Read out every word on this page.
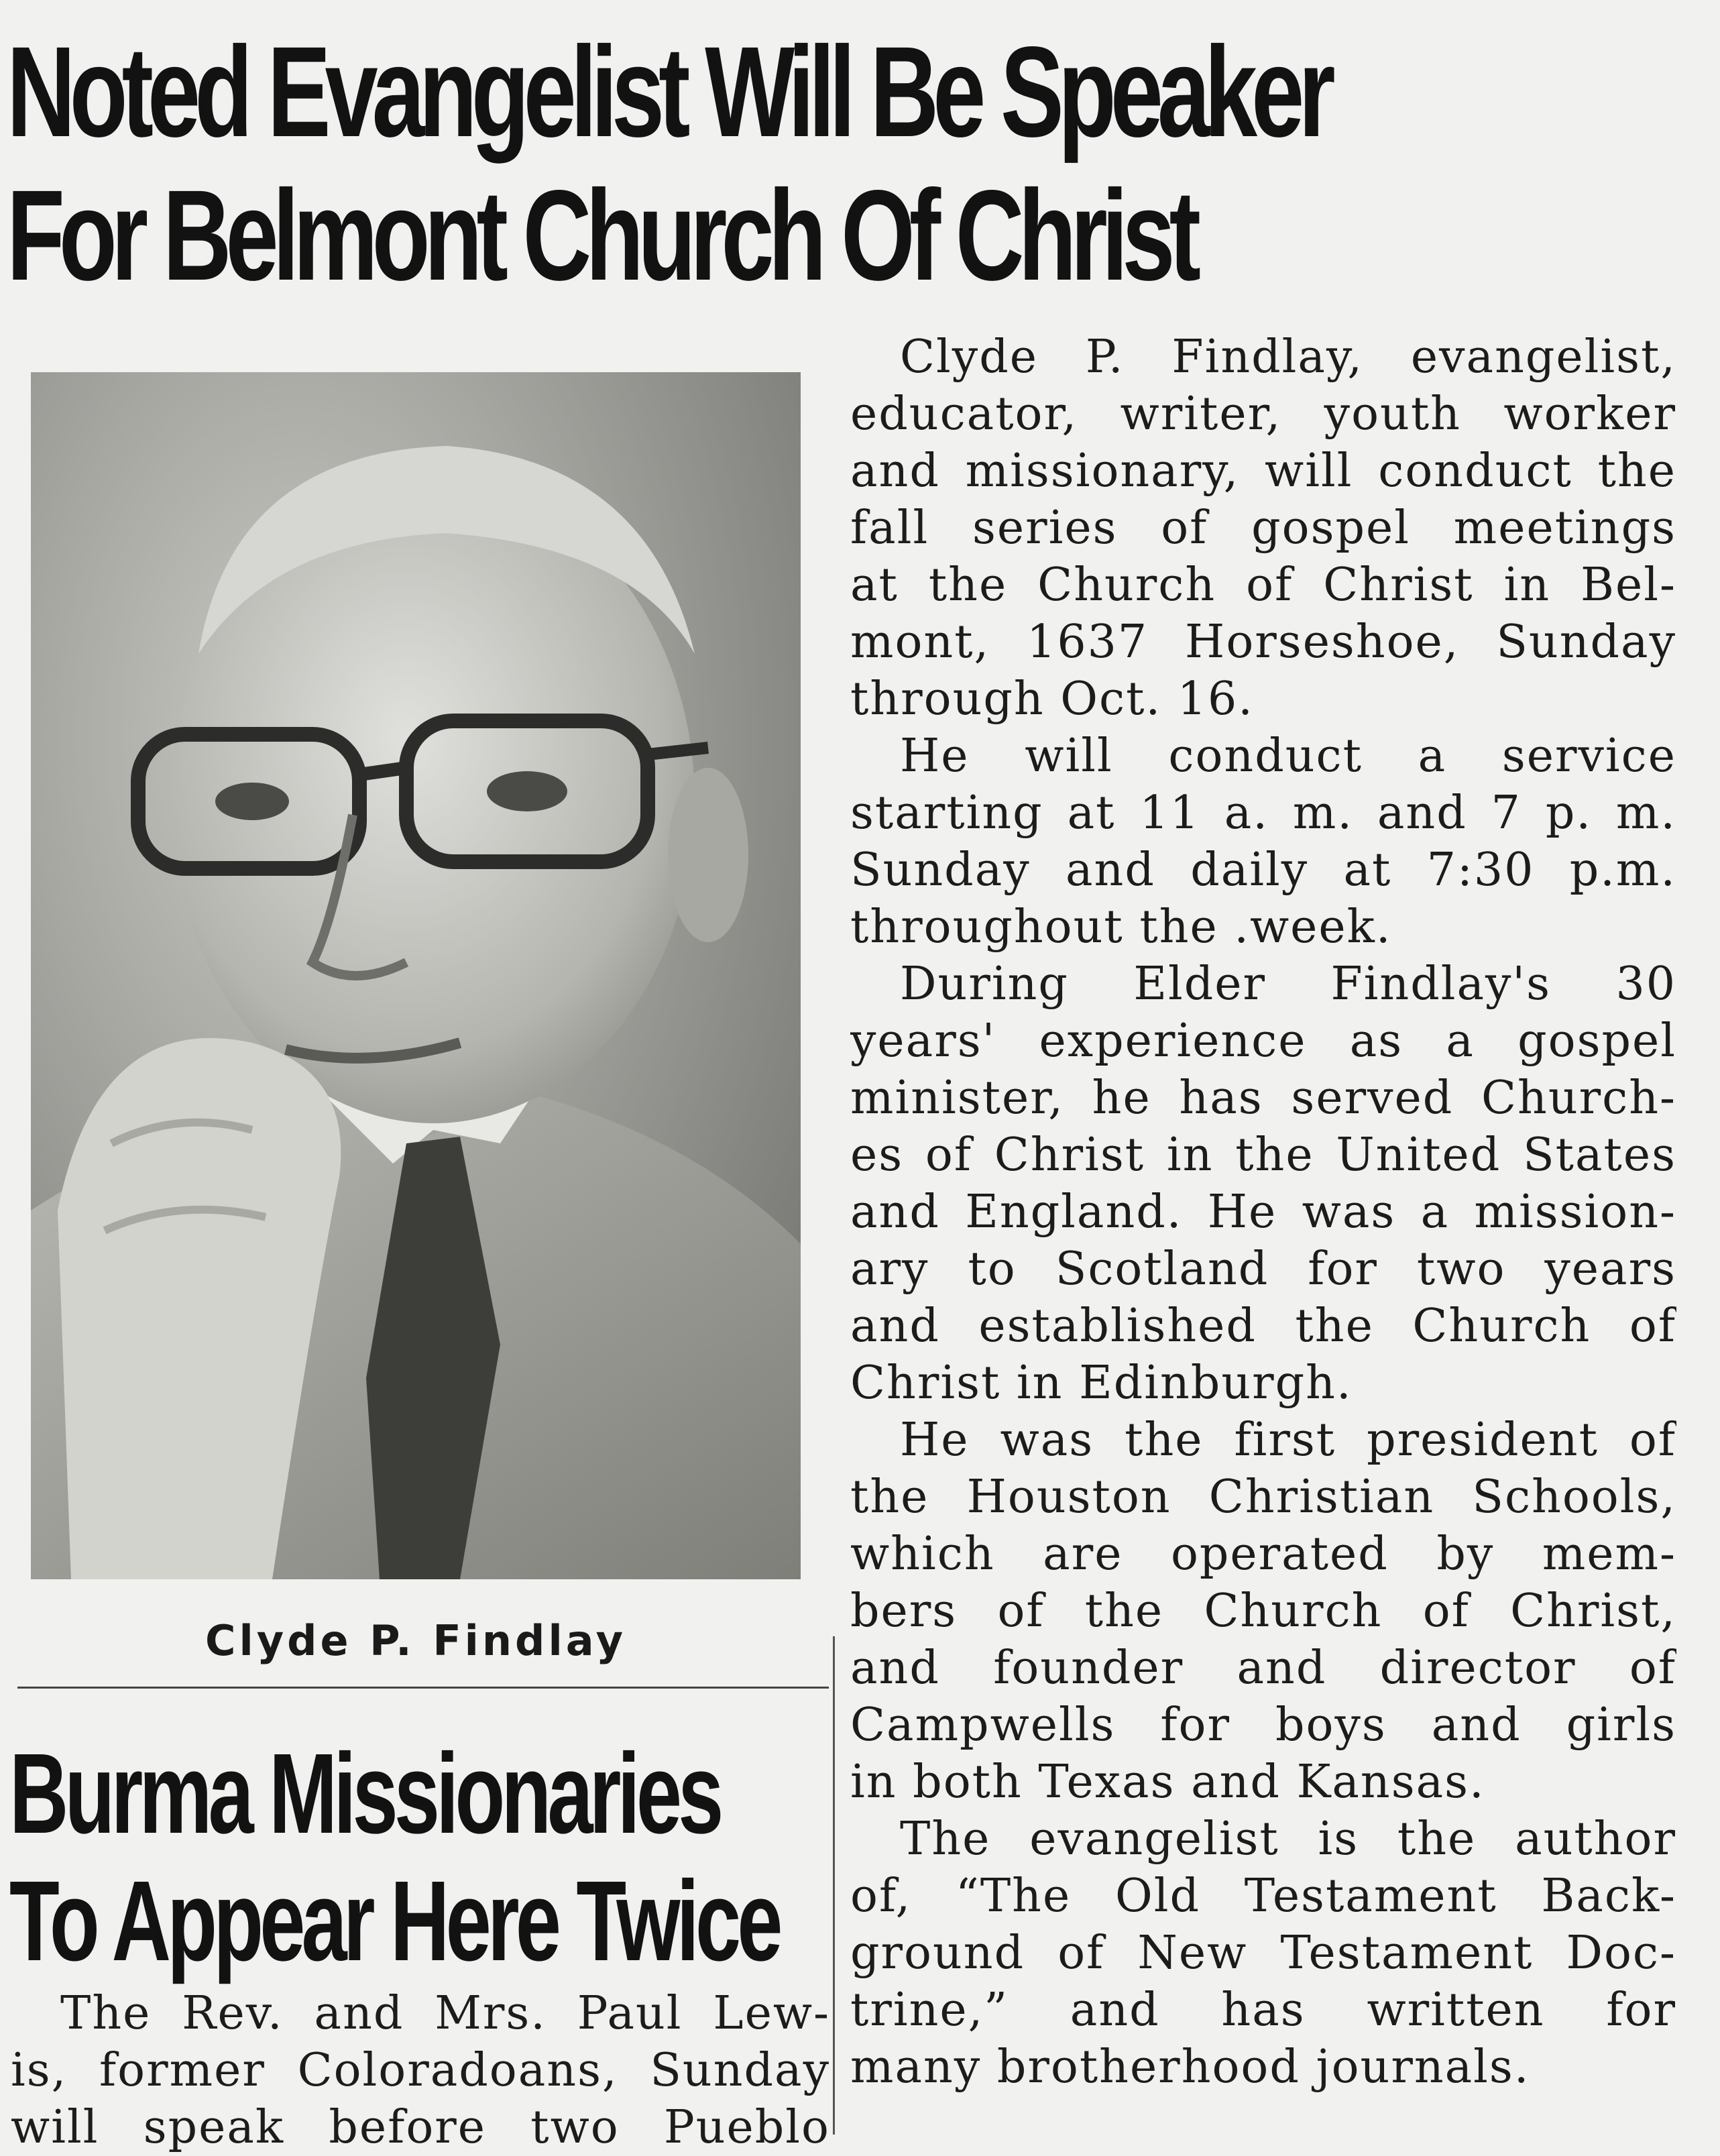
Noted Evangelist Will Be Speaker
For Belmont Church Of Christ
Clyde P. Findlay
Burma Missionaries
To Appear Here Twice
Clyde P. Findlay, evangelist,
educator, writer, youth worker
and missionary, will conduct the
fall series of gospel meetings
at the Church of Christ in Bel-
mont, 1637 Horseshoe, Sunday
through Oct. 16.
He will conduct a service
starting at 11 a. m. and 7 p. m.
Sunday and daily at 7:30 p.m.
throughout the .week.
During Elder Findlay's 30
years' experience as a gospel
minister, he has served Church-
es of Christ in the United States
and England. He was a mission-
ary to Scotland for two years
and established the Church of
Christ in Edinburgh.
He was the first president of
the Houston Christian Schools,
which are operated by mem-
bers of the Church of Christ,
and founder and director of
Campwells for boys and girls
in both Texas and Kansas.
The evangelist is the author
of, “The Old Testament Back-
ground of New Testament Doc-
trine,” and has written for
many brotherhood journals.
The Rev. and Mrs. Paul Lew-
is, former Coloradoans, Sunday
will speak before two Pueblo
